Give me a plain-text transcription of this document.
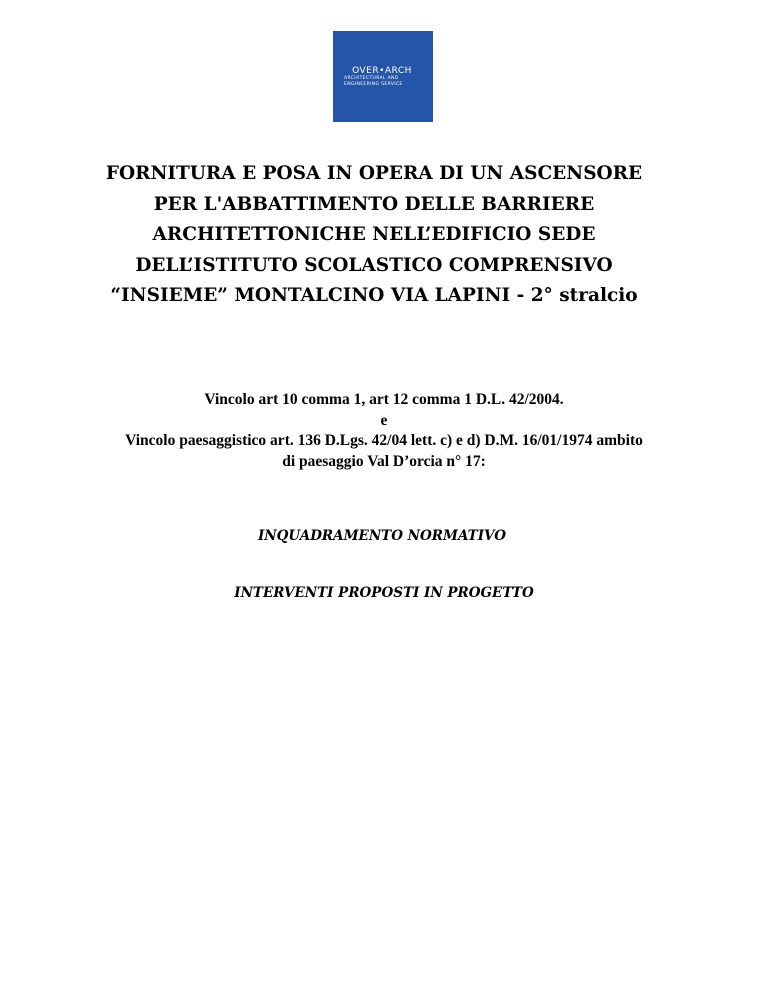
OVER•ARCH
ARCHITECTURAL AND
ENGINEERING SERVICE
FORNITURA E POSA IN OPERA DI UN ASCENSORE
PER L'ABBATTIMENTO DELLE BARRIERE
ARCHITETTONICHE NELL’EDIFICIO SEDE
DELL’ISTITUTO SCOLASTICO COMPRENSIVO
“INSIEME” MONTALCINO VIA LAPINI - 2° stralcio
Vincolo art 10 comma 1, art 12 comma 1 D.L. 42/2004.
e
Vincolo paesaggistico art. 136 D.Lgs. 42/04 lett. c) e d) D.M. 16/01/1974 ambito
di paesaggio Val D’orcia n° 17:
INQUADRAMENTO NORMATIVO
INTERVENTI PROPOSTI IN PROGETTO
